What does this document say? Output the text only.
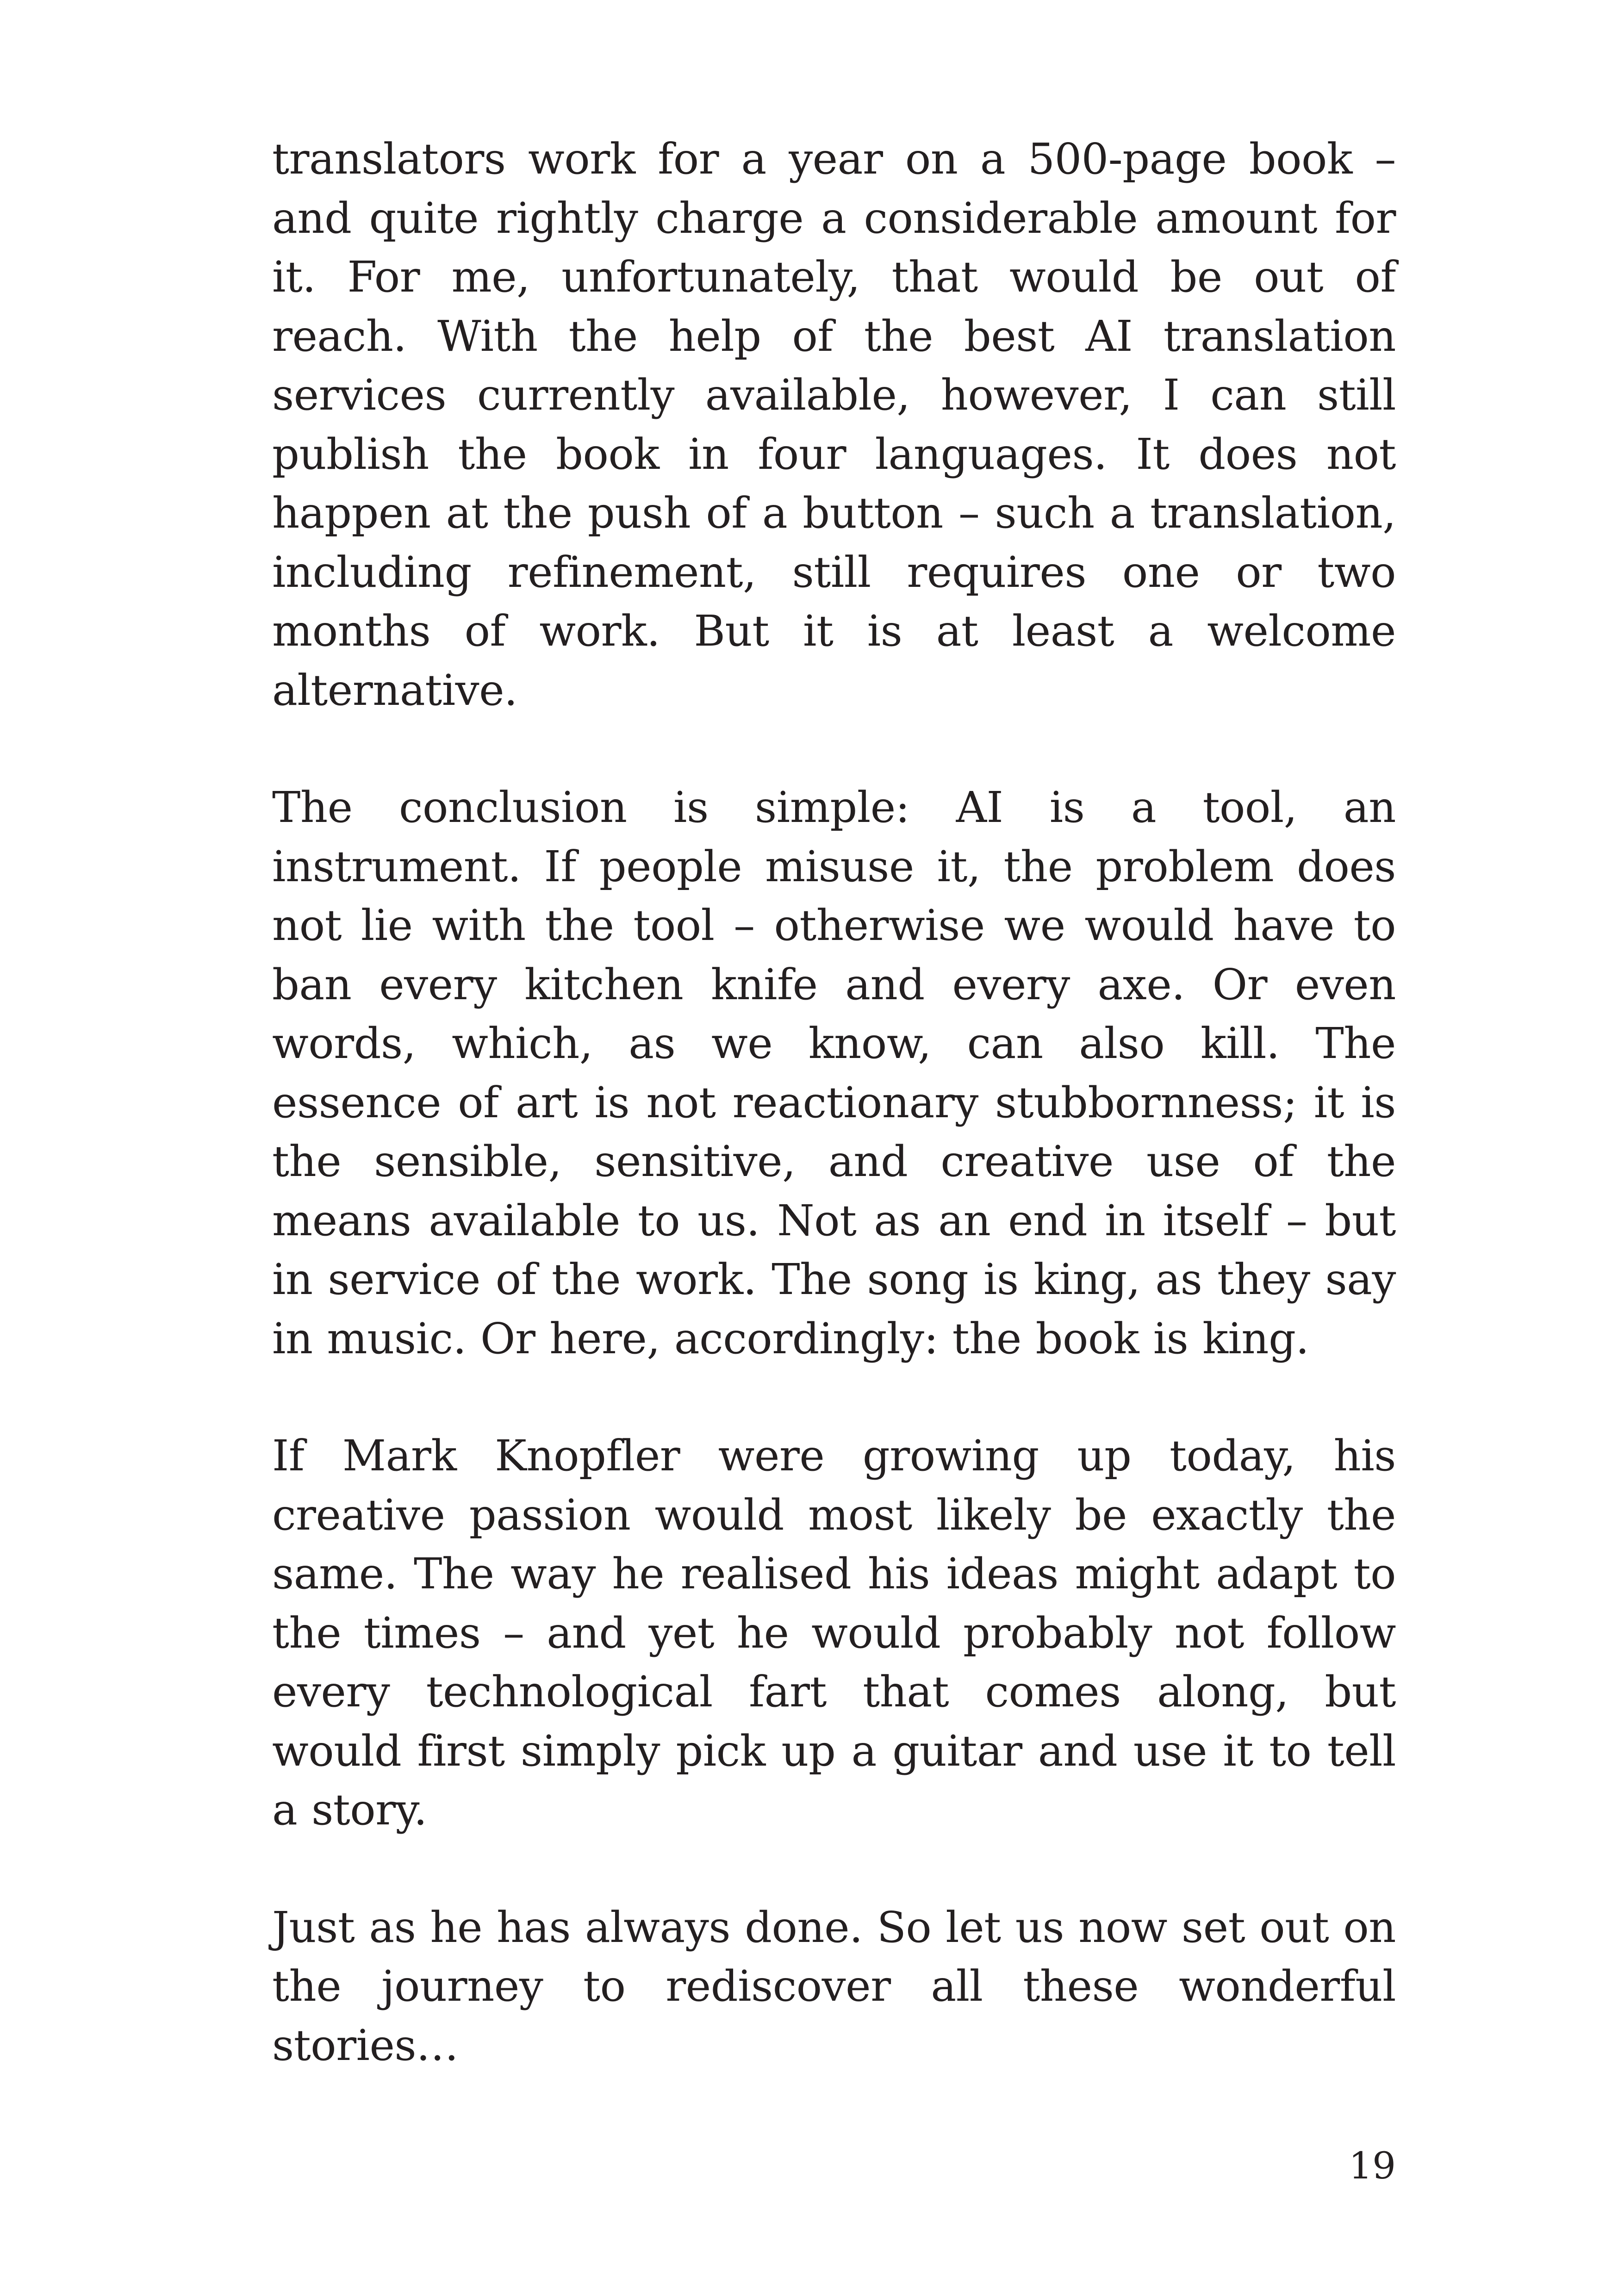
translators work for a year on a 500-page book – and quite rightly charge a considerable amount for it. For me, unfortunately, that would be out of reach. With the help of the best AI translation services currently available, however, I can still publish the book in four languages. It does not happen at the push of a button – such a translation, including refinement, still requires one or two months of work. But it is at least a welcome alternative.

The conclusion is simple: AI is a tool, an instrument. If people misuse it, the problem does not lie with the tool – otherwise we would have to ban every kitchen knife and every axe. Or even words, which, as we know, can also kill. The essence of art is not reactionary stubbornness; it is the sensible, sensitive, and creative use of the means available to us. Not as an end in itself – but in service of the work. The song is king, as they say in music. Or here, accordingly: the book is king.

If Mark Knopfler were growing up today, his creative passion would most likely be exactly the same. The way he realised his ideas might adapt to the times – and yet he would probably not follow every technological fart that comes along, but would first simply pick up a guitar and use it to tell a story.

Just as he has always done. So let us now set out on the journey to rediscover all these wonderful stories…

19
